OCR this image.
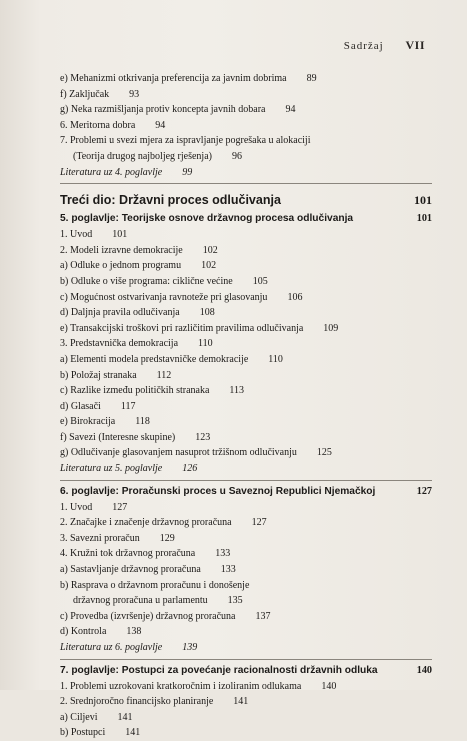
Sadržaj VII
e) Mehanizmi otkrivanja preferencija za javnim dobrima 89
f) Zaključak 93
g) Neka razmišljanja protiv koncepta javnih dobara 94
6. Meritorna dobra 94
7. Problemi u svezi mjera za ispravljanje pogrešaka u alokaciji
(Teorija drugog najboljeg rješenja) 96
Literatura uz 4. poglavlje 99
Treći dio: Državni proces odlučivanja	101
5. poglavlje: Teorijske osnove državnog procesa odlučivanja	101
1. Uvod 101
2. Modeli izravne demokracije 102
a) Odluke o jednom programu 102
b) Odluke o više programa: ciklične većine 105
c) Mogućnost ostvarivanja ravnoteže pri glasovanju 106
d) Daljnja pravila odlučivanja 108
e) Transakcijski troškovi pri različitim pravilima odlučivanja 109
3. Predstavnička demokracija 110
a) Elementi modela predstavničke demokracije 110
b) Položaj stranaka 112
c) Razlike između političkih stranaka 113
d) Glasači 117
e) Birokracija 118
f) Savezi (Interesne skupine) 123
g) Odlučivanje glasovanjem nasuprot tržišnom odlučivanju 125
Literatura uz 5. poglavlje 126
6. poglavlje: Proračunski proces u Saveznoj Republici Njemačkoj	127
1. Uvod 127
2. Značajke i značenje državnog proračuna 127
3. Savezni proračun 129
4. Kružni tok državnog proračuna 133
a) Sastavljanje državnog proračuna 133
b) Rasprava o državnom proračunu i donošenje
državnog proračuna u parlamentu 135
c) Provedba (izvršenje) državnog proračuna 137
d) Kontrola 138
Literatura uz 6. poglavlje 139
7. poglavlje: Postupci za povećanje racionalnosti državnih odluka	140
1. Problemi uzrokovani kratkoročnim i izoliranim odlukama 140
2. Srednjoročno financijsko planiranje 141
a) Ciljevi 141
b) Postupci 141
